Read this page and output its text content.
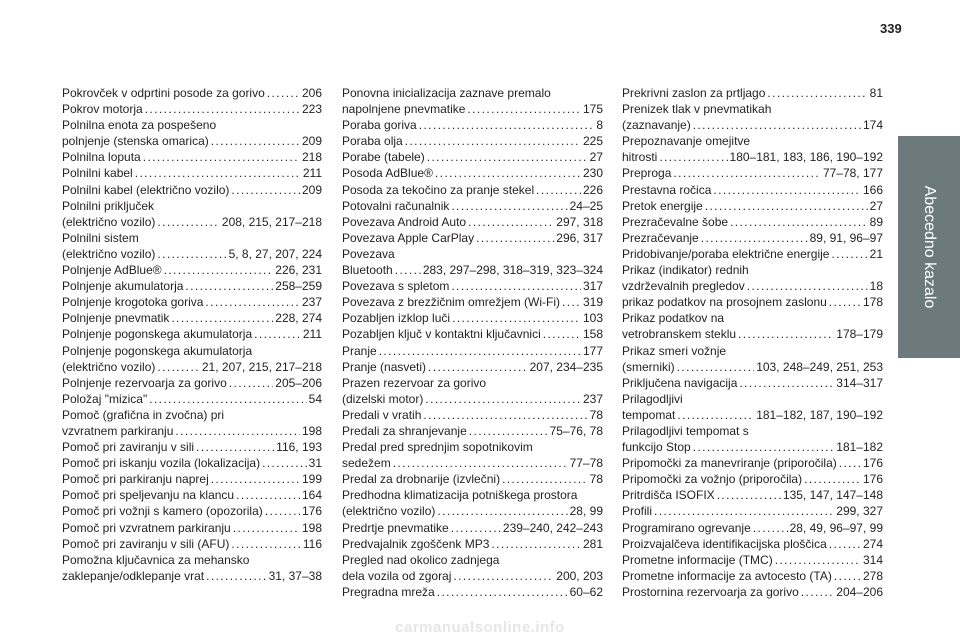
339
Abecedno kazalo
Pokrovček v odprtini posode za gorivo .....	206
Pokrov motorja .....	223
Polnilna enota za pospešeno
polnjenje (stenska omarica) .....	209
Polnilna loputa .....	218
Polnilni kabel .....	211
Polnilni kabel (električno vozilo) .....	209
Polnilni priključek
(električno vozilo) .....	208, 215, 217–218
Polnilni sistem
(električno vozilo) .....	5, 8, 27, 207, 224
Polnjenje AdBlue® .....	226, 231
Polnjenje akumulatorja .....	258–259
Polnjenje krogotoka goriva .....	237
Polnjenje pnevmatik .....	228, 274
Polnjenje pogonskega akumulatorja .....	211
Polnjenje pogonskega akumulatorja
(električno vozilo) .....	21, 207, 215, 217–218
Polnjenje rezervoarja za gorivo .....	205–206
Položaj "mizica" .....	54
Pomoč (grafična in zvočna) pri
vzvratnem parkiranju .....	198
Pomoč pri zaviranju v sili .....	116, 193
Pomoč pri iskanju vozila (lokalizacija) .....	31
Pomoč pri parkiranju naprej .....	199
Pomoč pri speljevanju na klancu .....	164
Pomoč pri vožnji s kamero (opozorila) .....	176
Pomoč pri vzvratnem parkiranju .....	198
Pomoč pri zaviranju v sili (AFU) .....	116
Pomožna ključavnica za mehansko
zaklepanje/odklepanje vrat .....	31, 37–38
Ponovna inicializacija zaznave premalo
napolnjene pnevmatike .....	175
Poraba goriva .....	8
Poraba olja .....	225
Porabe (tabele) .....	27
Posoda AdBlue® .....	230
Posoda za tekočino za pranje stekel .....	226
Potovalni računalnik .....	24–25
Povezava Android Auto .....	297, 318
Povezava Apple CarPlay .....	296, 317
Povezava
Bluetooth .....	283, 297–298, 318–319, 323–324
Povezava s spletom .....	317
Povezava z brezžičnim omrežjem (Wi-Fi) ..... 319
Pozabljen izklop luči .....	103
Pozabljen ključ v kontaktni ključavnici .....	158
Pranje .....	177
Pranje (nasveti) .....	207, 234–235
Prazen rezervoar za gorivo
(dizelski motor) .....	237
Predali v vratih .....	78
Predali za shranjevanje .....	75–76, 78
Predal pred sprednjim sopotnikovim
sedežem .....	77–78
Predal za drobnarije (izvlečni) .....	78
Predhodna klimatizacija potniškega prostora
(električno vozilo) .....	28, 99
Predrtje pnevmatike .....	239–240, 242–243
Predvajalnik zgoščenk MP3 .....	281
Pregled nad okolico zadnjega
dela vozila od zgoraj .....	200, 203
Pregradna mreža .....	60–62
Prekrivni zaslon za prtljago .....	81
Prenizek tlak v pnevmatikah
(zaznavanje) .....	174
Prepoznavanje omejitve
hitrosti .....	180–181, 183, 186, 190–192
Preproga .....	77–78, 177
Prestavna ročica .....	166
Pretok energije .....	27
Prezračevalne šobe .....	89
Prezračevanje .....	89, 91, 96–97
Pridobivanje/poraba električne energije .....	21
Prikaz (indikator) rednih
vzdrževalnih pregledov .....	18
prikaz podatkov na prosojnem zaslonu .....	178
Prikaz podatkov na
vetrobranskem steklu .....	178–179
Prikaz smeri vožnje
(smerniki) .....	103, 248–249, 251, 253
Priključena navigacija .....	314–317
Prilagodljivi
tempomat .....	181–182, 187, 190–192
Prilagodljivi tempomat s
funkcijo Stop .....	181–182
Pripomočki za manevriranje (priporočila) ..... 176
Pripomočki za vožnjo (priporočila) .....	176
Pritrdišča ISOFIX .....	135, 147, 147–148
Profili .....	299, 327
Programirano ogrevanje .....	28, 49, 96–97, 99
Proizvajalčeva identifikacijska ploščica .....	274
Prometne informacije (TMC) .....	314
Prometne informacije za avtocesto (TA) .....	278
Prostornina rezervoarja za gorivo .....	204–206
carmanualsonline.info
